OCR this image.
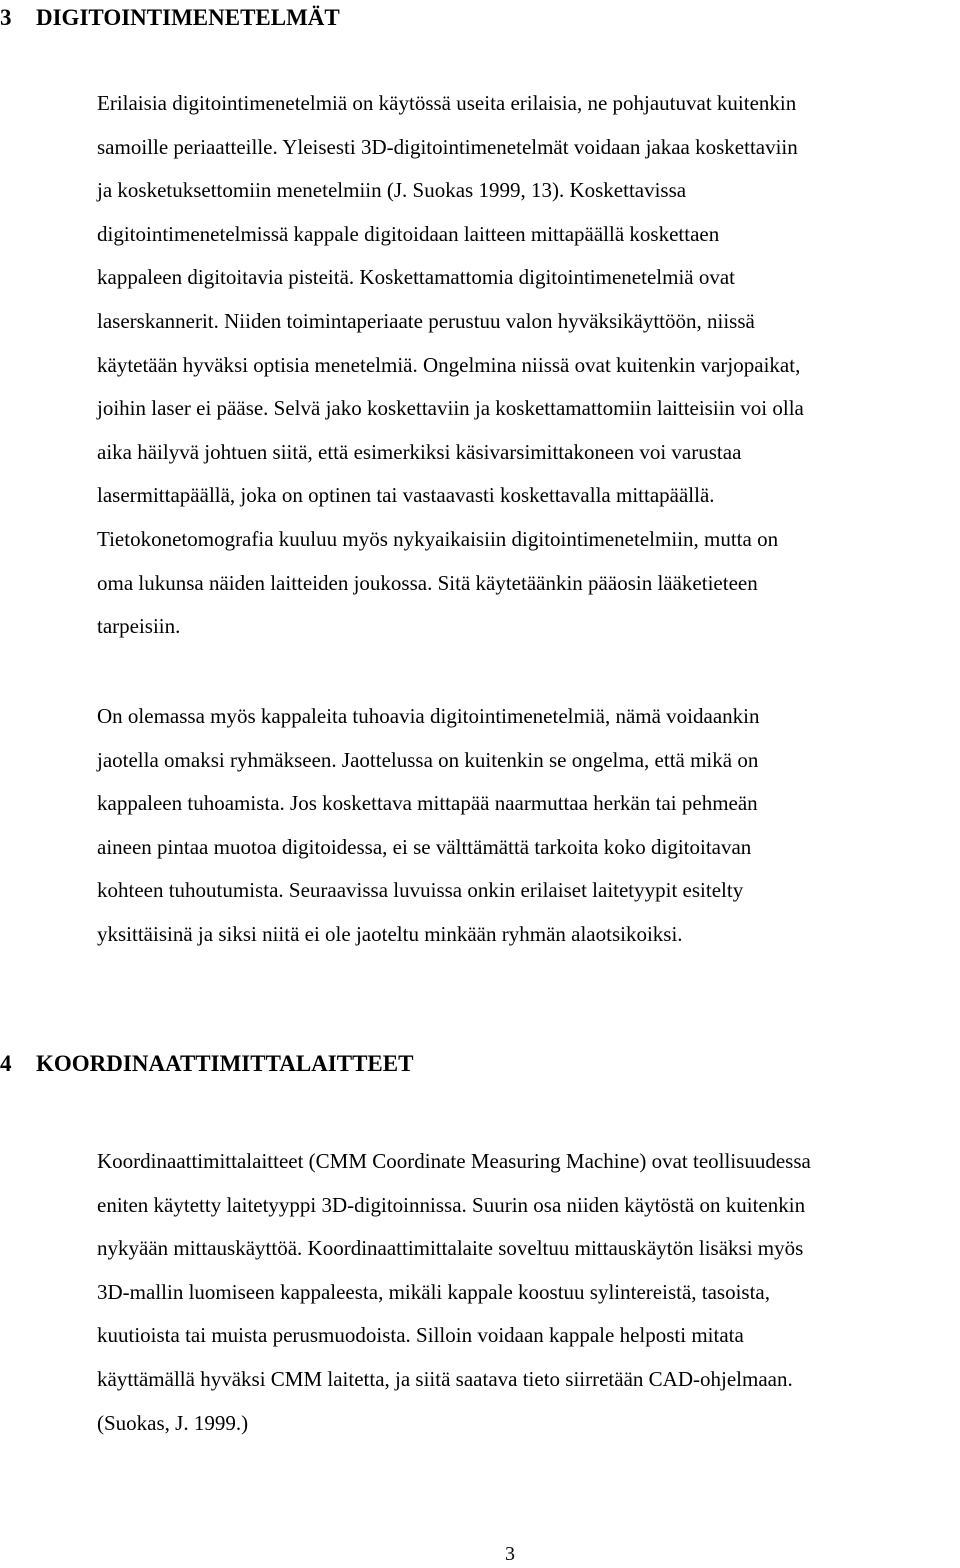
3 DIGITOINTIMENETELMÄT
Erilaisia digitointimenetelmiä on käytössä useita erilaisia, ne pohjautuvat kuitenkin
samoille periaatteille. Yleisesti 3D-digitointimenetelmät voidaan jakaa koskettaviin
ja kosketuksettomiin menetelmiin (J. Suokas 1999, 13). Koskettavissa
digitointimenetelmissä kappale digitoidaan laitteen mittapäällä koskettaen
kappaleen digitoitavia pisteitä. Koskettamattomia digitointimenetelmiä ovat
laserskannerit. Niiden toimintaperiaate perustuu valon hyväksikäyttöön, niissä
käytetään hyväksi optisia menetelmiä. Ongelmina niissä ovat kuitenkin varjopaikat,
joihin laser ei pääse. Selvä jako koskettaviin ja koskettamattomiin laitteisiin voi olla
aika häilyvä johtuen siitä, että esimerkiksi käsivarsimittakoneen voi varustaa
lasermittapäällä, joka on optinen tai vastaavasti koskettavalla mittapäällä.
Tietokonetomografia kuuluu myös nykyaikaisiin digitointimenetelmiin, mutta on
oma lukunsa näiden laitteiden joukossa. Sitä käytetäänkin pääosin lääketieteen
tarpeisiin.
On olemassa myös kappaleita tuhoavia digitointimenetelmiä, nämä voidaankin
jaotella omaksi ryhmäkseen. Jaottelussa on kuitenkin se ongelma, että mikä on
kappaleen tuhoamista. Jos koskettava mittapää naarmuttaa herkän tai pehmeän
aineen pintaa muotoa digitoidessa, ei se välttämättä tarkoita koko digitoitavan
kohteen tuhoutumista. Seuraavissa luvuissa onkin erilaiset laitetyypit esitelty
yksittäisinä ja siksi niitä ei ole jaoteltu minkään ryhmän alaotsikoiksi.
4 KOORDINAATTIMITTALAITTEET
Koordinaattimittalaitteet (CMM Coordinate Measuring Machine) ovat teollisuudessa
eniten käytetty laitetyyppi 3D-digitoinnissa. Suurin osa niiden käytöstä on kuitenkin
nykyään mittauskäyttöä. Koordinaattimittalaite soveltuu mittauskäytön lisäksi myös
3D-mallin luomiseen kappaleesta, mikäli kappale koostuu sylintereistä, tasoista,
kuutioista tai muista perusmuodoista. Silloin voidaan kappale helposti mitata
käyttämällä hyväksi CMM laitetta, ja siitä saatava tieto siirretään CAD-ohjelmaan.
(Suokas, J. 1999.)
3
